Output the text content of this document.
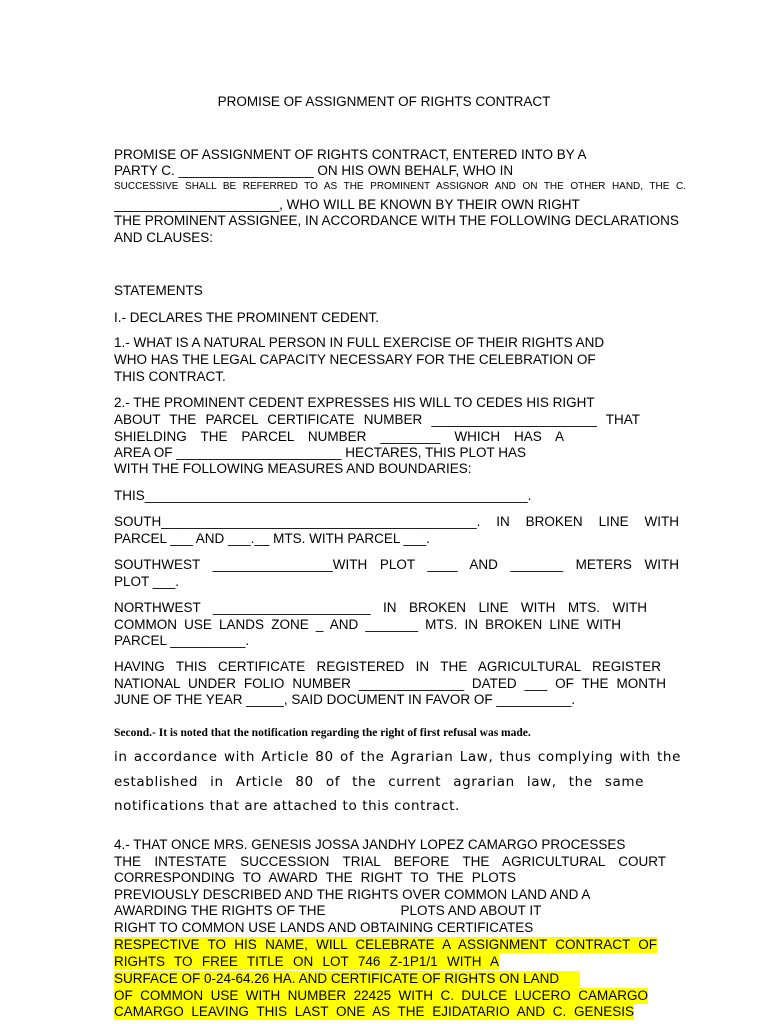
PROMISE OF ASSIGNMENT OF RIGHTS CONTRACT
PROMISE OF ASSIGNMENT OF RIGHTS CONTRACT, ENTERED INTO BY A
PARTY C. __________________ ON HIS OWN BEHALF, WHO IN
SUCCESSIVE SHALL BE REFERRED TO AS THE PROMINENT ASSIGNOR AND ON THE OTHER HAND, THE C.
______________________, WHO WILL BE KNOWN BY THEIR OWN RIGHT
THE PROMINENT ASSIGNEE, IN ACCORDANCE WITH THE FOLLOWING DECLARATIONS
AND CLAUSES:
STATEMENTS
I.- DECLARES THE PROMINENT CEDENT.
1.- WHAT IS A NATURAL PERSON IN FULL EXERCISE OF THEIR RIGHTS AND
WHO HAS THE LEGAL CAPACITY NECESSARY FOR THE CELEBRATION OF
THIS CONTRACT.
2.- THE PROMINENT CEDENT EXPRESSES HIS WILL TO CEDES HIS RIGHT
ABOUT THE PARCEL CERTIFICATE NUMBER ______________________ THAT
SHIELDING THE PARCEL NUMBER ________ WHICH HAS A
AREA OF ______________________ HECTARES, THIS PLOT HAS
WITH THE FOLLOWING MEASURES AND BOUNDARIES:
THIS___________________________________________________.
SOUTH__________________________________________. IN BROKEN LINE WITH
PARCEL ___ AND ___.__ MTS. WITH PARCEL ___.
SOUTHWEST ________________WITH PLOT ____ AND _______ METERS WITH
PLOT ___.
NORTHWEST _____________________ IN BROKEN LINE WITH MTS. WITH
COMMON USE LANDS ZONE _ AND _______ MTS. IN BROKEN LINE WITH
PARCEL __________.
HAVING THIS CERTIFICATE REGISTERED IN THE AGRICULTURAL REGISTER
NATIONAL UNDER FOLIO NUMBER ______________ DATED ___ OF THE MONTH
JUNE OF THE YEAR _____, SAID DOCUMENT IN FAVOR OF __________.
Second.- It is noted that the notification regarding the right of first refusal was made.
in accordance with Article 80 of the Agrarian Law, thus complying with the
established in Article 80 of the current agrarian law, the same
notifications that are attached to this contract.
4.- THAT ONCE MRS. GENESIS JOSSA JANDHY LOPEZ CAMARGO PROCESSES
THE INTESTATE SUCCESSION TRIAL BEFORE THE AGRICULTURAL COURT
CORRESPONDING TO AWARD THE RIGHT TO THE PLOTS
PREVIOUSLY DESCRIBED AND THE RIGHTS OVER COMMON LAND AND A
AWARDING THE RIGHTS OF THE                    PLOTS AND ABOUT IT
RIGHT TO COMMON USE LANDS AND OBTAINING CERTIFICATES
RESPECTIVE TO HIS NAME, WILL CELEBRATE A ASSIGNMENT CONTRACT OF
RIGHTS TO FREE TITLE ON LOT 746 Z-1P1/1 WITH A
SURFACE OF 0-24-64.26 HA. AND CERTIFICATE OF RIGHTS ON LAND
OF COMMON USE WITH NUMBER 22425 WITH C. DULCE LUCERO CAMARGO
CAMARGO LEAVING THIS LAST ONE AS THE EJIDATARIO AND C. GENESIS
